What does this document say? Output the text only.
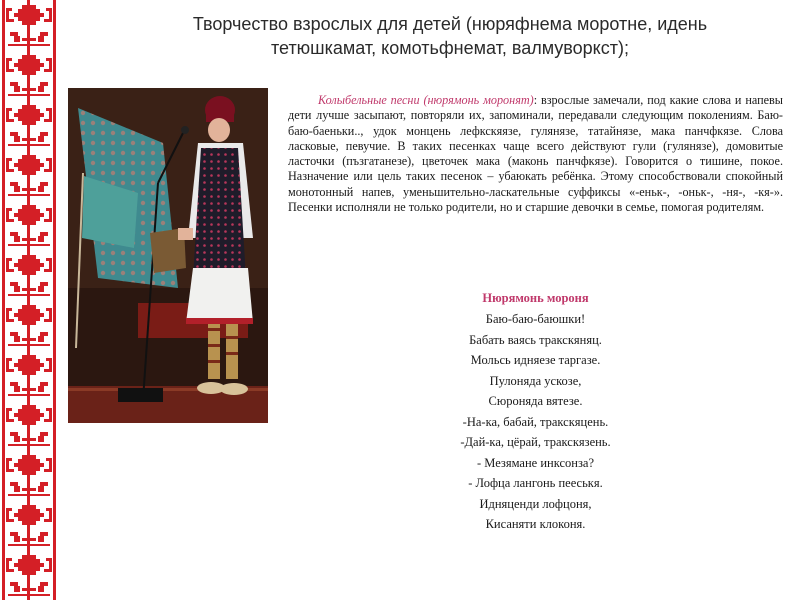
Творчество взрослых для детей (нюряфнема моротне, идень тетюшкамат, комотьфнемат, валмуворкст);

Колыбельные песни (нюрямонь моронят): взрослые замечали, под какие слова и напевы дети лучше засыпают, повторяли их, запоминали, передавали следующим поколениям. Баю-баю-баеньки.., удок монцень лефкскяязе, гулянязе, татайнязе, мака панчфкязе. Слова ласковые, певучие. В таких песенках чаще всего действуют гули (гулянязе), домовитые ласточки (пъзгатанезе), цветочек мака (маконь панчфкязе). Говорится о тишине, покое. Назначение или цель таких песенок – убаюкать ребёнка. Этому способствовали спокойный монотонный напев, уменьшительно-ласкательные суффиксы «-еньк-, -оньк-, -ня-, -кя-». Песенки исполняли не только родители, но и старшие девочки в семье, помогая родителям.

Нюрямонь мороня
Баю-баю-баюшки!
Бабать ваясь тракскяняц.
Мольсь идняезе таргазе.
Пулоняда ускозе,
Сюроняда вятезе.
-На-ка, бабай, тракскяцень.
-Дай-ка, цёрай, тракскязень.
- Мезямане инксонза?
- Лофца лангонь пееськя.
Идняценди лофцоня,
Кисаняти клоконя.
